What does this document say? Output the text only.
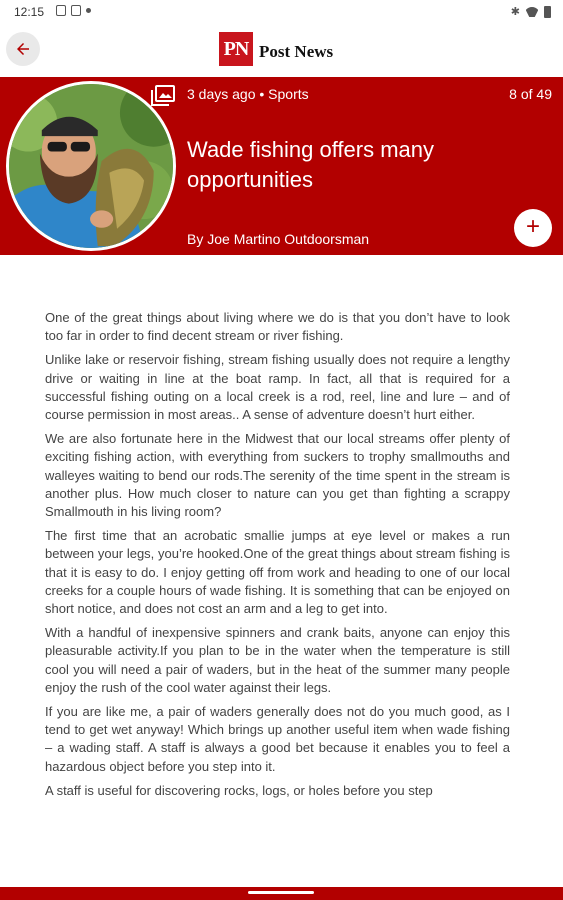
12:15	✱
PN Post News
3 days ago • Sports	8 of 49
Wade fishing offers many opportunities
By Joe Martino Outdoorsman	+

One of the great things about living where we do is that you don’t have to look too far in order to find decent stream or river fishing.

Unlike lake or reservoir fishing, stream fishing usually does not require a lengthy drive or waiting in line at the boat ramp. In fact, all that is required for a successful fishing outing on a local creek is a rod, reel, line and lure – and of course permission in most areas.. A sense of adventure doesn’t hurt either.

We are also fortunate here in the Midwest that our local streams offer plenty of exciting fishing action, with everything from suckers to trophy smallmouths and walleyes waiting to bend our rods.The serenity of the time spent in the stream is another plus. How much closer to nature can you get than fighting a scrappy Smallmouth in his living room?

The first time that an acrobatic smallie jumps at eye level or makes a run between your legs, you’re hooked.One of the great things about stream fishing is that it is easy to do. I enjoy getting off from work and heading to one of our local creeks for a couple hours of wade fishing. It is something that can be enjoyed on short notice, and does not cost an arm and a leg to get into.

With a handful of inexpensive spinners and crank baits, anyone can enjoy this pleasurable activity.If you plan to be in the water when the temperature is still cool you will need a pair of waders, but in the heat of the summer many people enjoy the rush of the cool water against their legs.

If you are like me, a pair of waders generally does not do you much good, as I tend to get wet anyway! Which brings up another useful item when wade fishing – a wading staff. A staff is always a good bet because it enables you to feel a hazardous object before you step into it.

A staff is useful for discovering rocks, logs, or holes before you step
